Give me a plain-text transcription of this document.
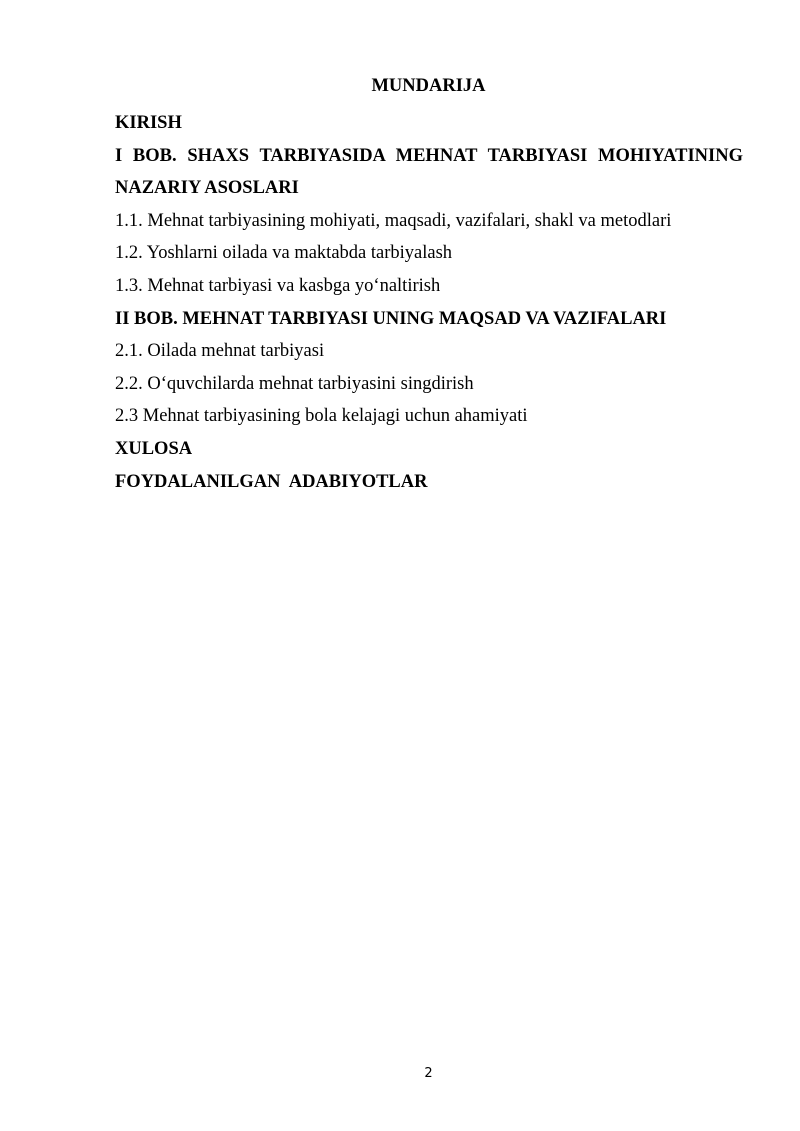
MUNDARIJA
KIRISH
I BOB. SHAXS TARBIYASIDA MEHNAT TARBIYASI MOHIYATINING
NAZARIY ASOSLARI
1.1. Mehnat tarbiyasining mohiyati, maqsadi, vazifalari, shakl va metodlari
1.2. Yoshlarni oilada va maktabda tarbiyalash
1.3. Mehnat tarbiyasi va kasbga yo‘naltirish
II BOB. MEHNAT TARBIYASI UNING MAQSAD VA VAZIFALARI
2.1. Oilada mehnat tarbiyasi
2.2. O‘quvchilarda mehnat tarbiyasini singdirish
2.3 Mehnat tarbiyasining bola kelajagi uchun ahamiyati
XULOSA
FOYDALANILGAN  ADABIYOTLAR
2
